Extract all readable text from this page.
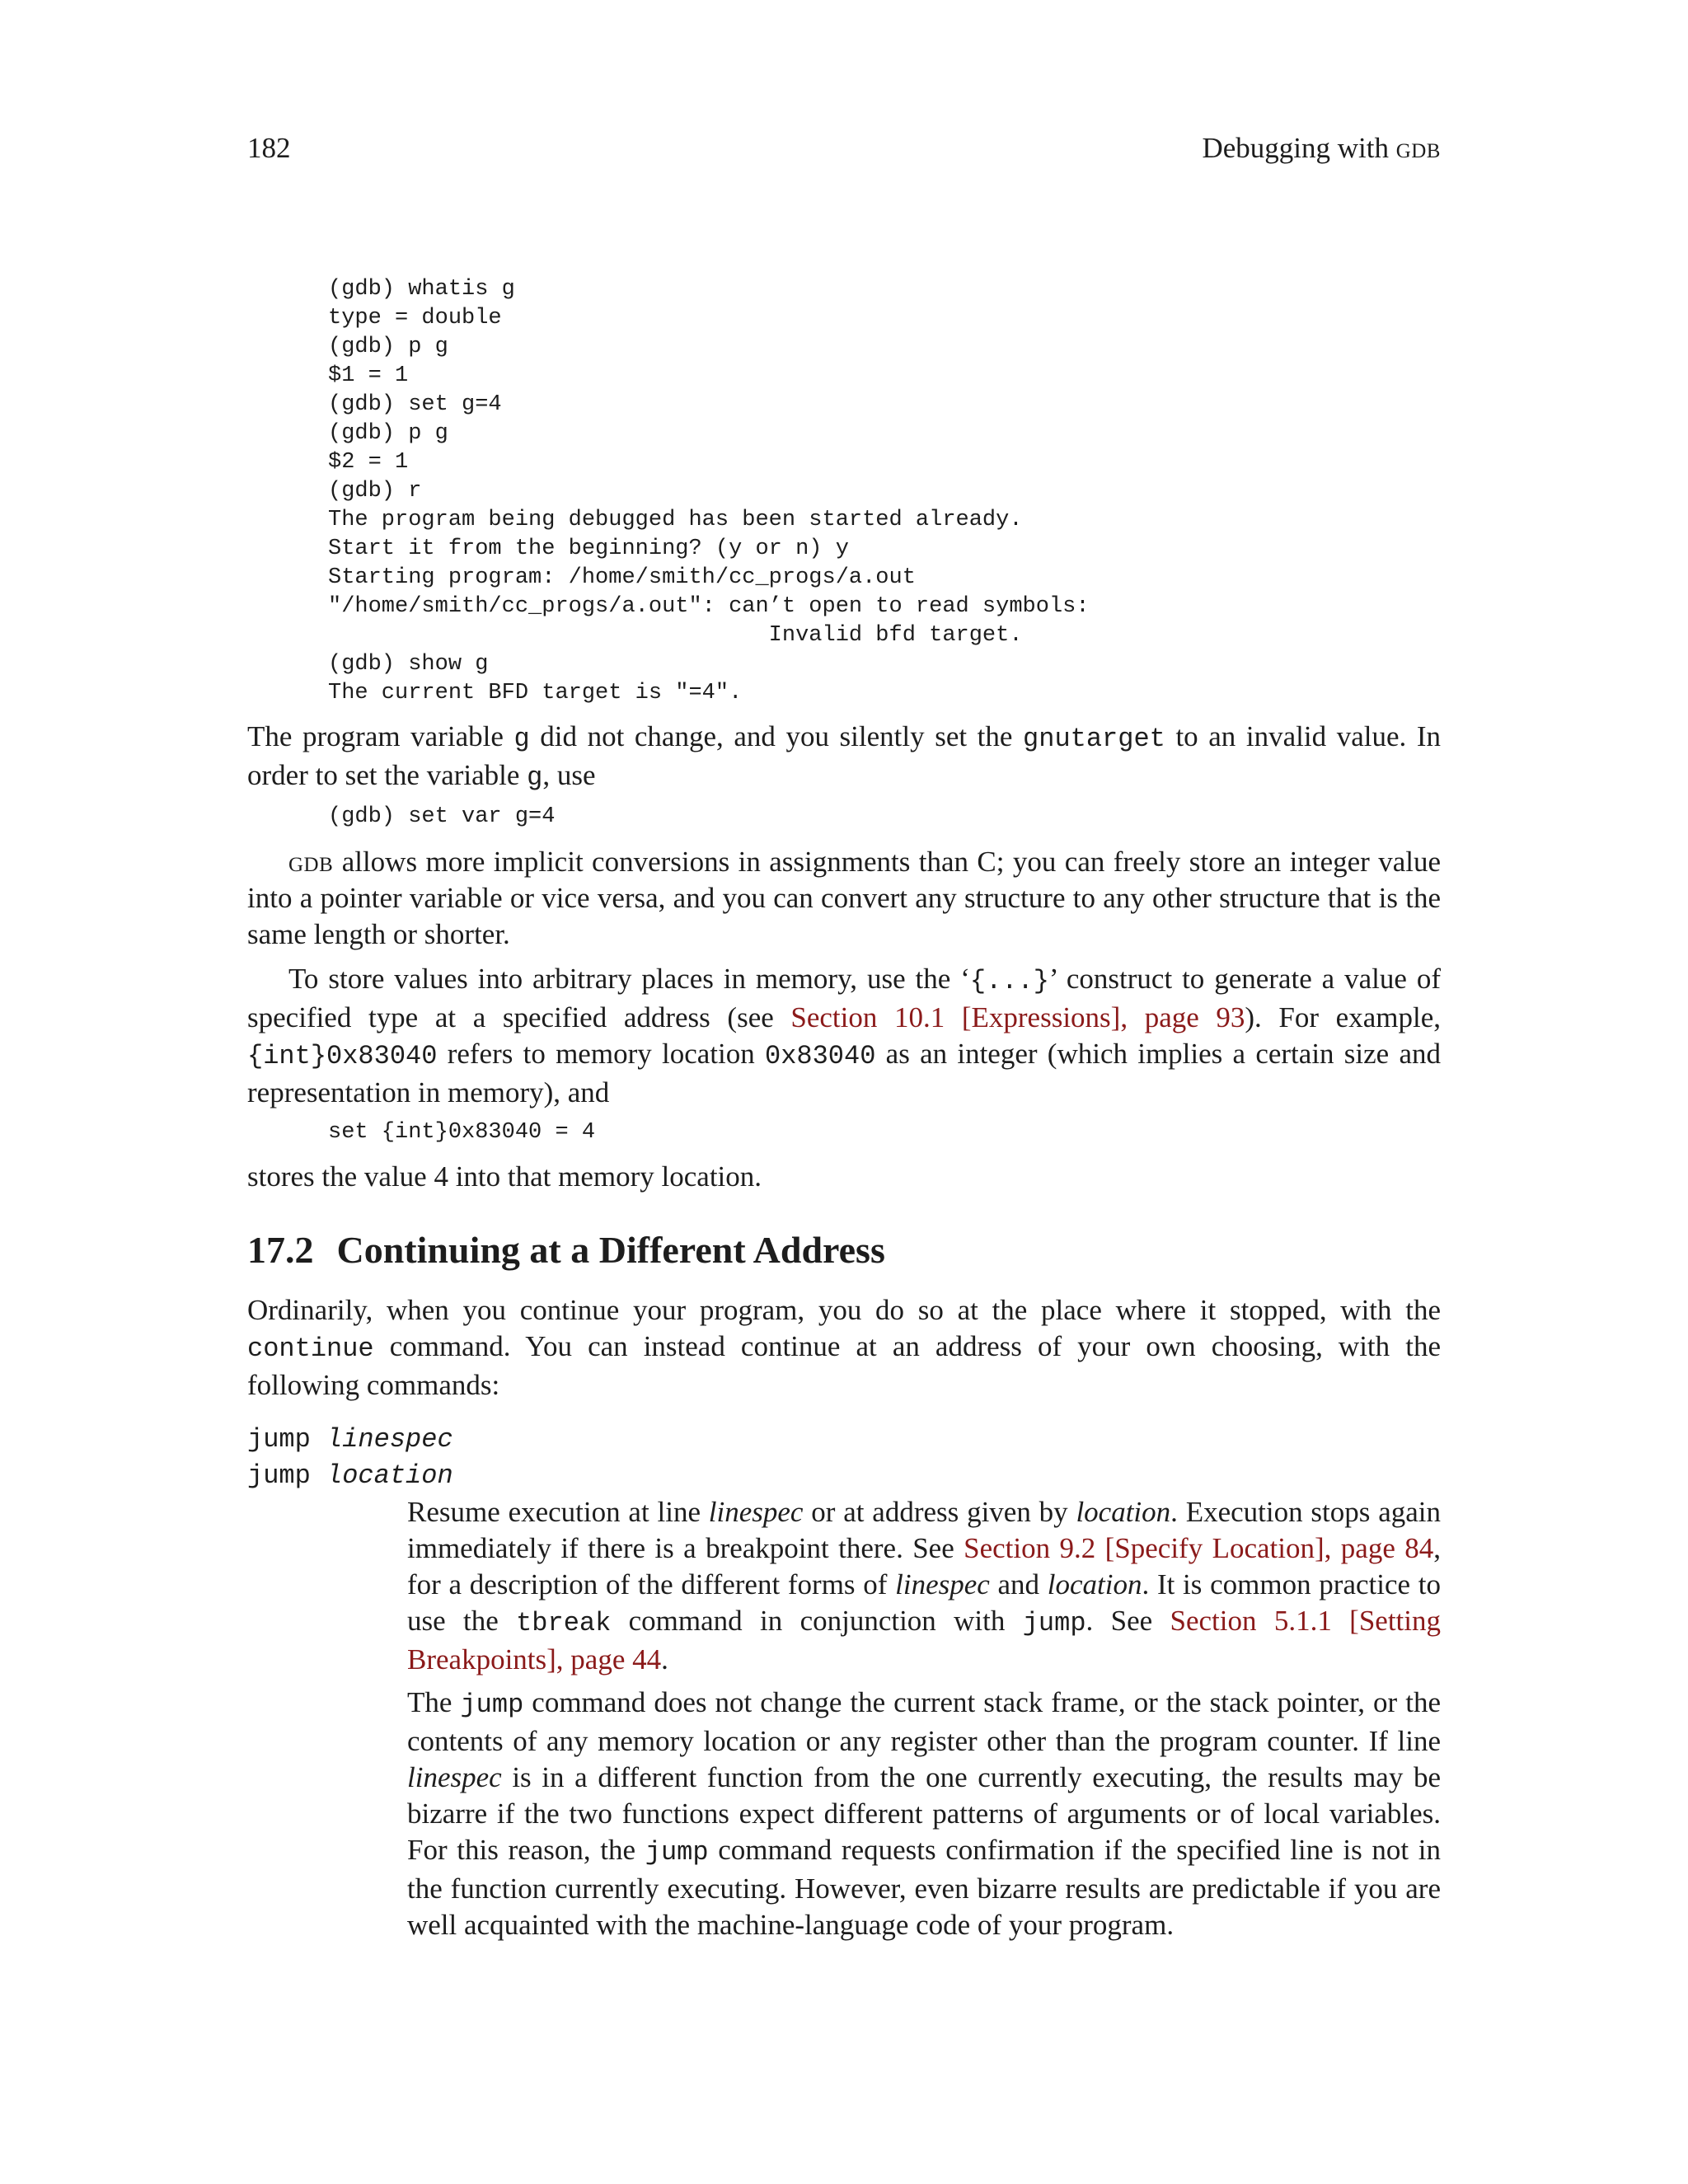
182	Debugging with gdb
(gdb) whatis g
type = double
(gdb) p g
$1 = 1
(gdb) set g=4
(gdb) p g
$2 = 1
(gdb) r
The program being debugged has been started already.
Start it from the beginning? (y or n) y
Starting program: /home/smith/cc_progs/a.out
"/home/smith/cc_progs/a.out": can’t open to read symbols:
Invalid bfd target.
(gdb) show g
The current BFD target is "=4".
The program variable g did not change, and you silently set the gnutarget to an invalid value. In order to set the variable g, use
(gdb) set var g=4
gdb allows more implicit conversions in assignments than C; you can freely store an integer value into a pointer variable or vice versa, and you can convert any structure to any other structure that is the same length or shorter.
To store values into arbitrary places in memory, use the ‘{...}’ construct to generate a value of specified type at a specified address (see Section 10.1 [Expressions], page 93). For example, {int}0x83040 refers to memory location 0x83040 as an integer (which implies a certain size and representation in memory), and
set {int}0x83040 = 4
stores the value 4 into that memory location.
17.2 Continuing at a Different Address
Ordinarily, when you continue your program, you do so at the place where it stopped, with the continue command. You can instead continue at an address of your own choosing, with the following commands:
jump linespec
jump location
Resume execution at line linespec or at address given by location. Execution stops again immediately if there is a breakpoint there. See Section 9.2 [Specify Location], page 84, for a description of the different forms of linespec and location. It is common practice to use the tbreak command in conjunction with jump. See Section 5.1.1 [Setting Breakpoints], page 44.
The jump command does not change the current stack frame, or the stack pointer, or the contents of any memory location or any register other than the program counter. If line linespec is in a different function from the one currently executing, the results may be bizarre if the two functions expect different patterns of arguments or of local variables. For this reason, the jump command requests confirmation if the specified line is not in the function currently executing. However, even bizarre results are predictable if you are well acquainted with the machine-language code of your program.
